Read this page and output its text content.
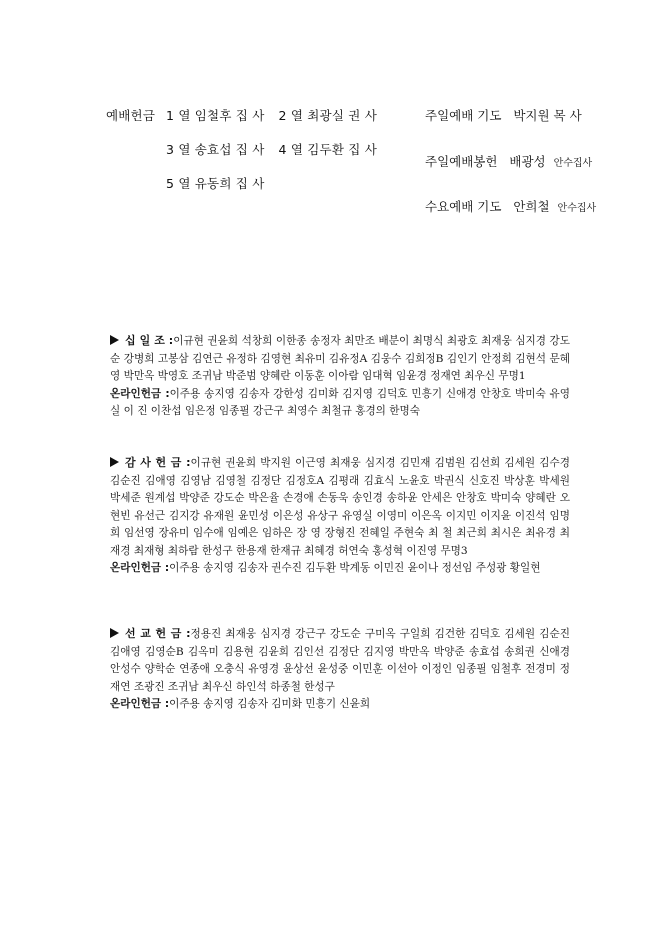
예배헌금 1 열 임철후 집 사 2 열 최광실 권 사
3 열 송효섭 집 사 4 열 김두환 집 사
5 열 유동희 집 사
주일예배 기도 박지원 목 사
주일예배봉헌 배광성 안수집사
수요예배 기도 안희철 안수집사
십 일 조 :이규현 권윤희 석창희 이한종 송정자 최만조 배분이 최명식 최광호 최재웅 심지경 강도순 강병희 고봉삼 김연근 유정하 김영현 최유미 김유정A 김웅수 김희정B 김인기 안정희 김현석 문혜영 박만옥 박영호 조귀남 박준범 양혜란 이동훈 이아람 임대혁 임윤경 정재연 최우신 무명1
온라인헌금 :이주용 송지영 김송자 강한성 김미화 김지영 김덕호 민흥기 신애경 안창호 박미숙 유영실 이 진 이찬섭 임은정 임종필 강근구 최영수 최철규 홍경의 한명숙
감 사 헌 금 :이규현 권윤희 박지원 이근영 최재웅 심지경 김민재 김범원 김선희 김세원 김수경 김순진 김애영 김영남 김영철 김정단 김정호A 김평래 김효식 노윤호 박권식 신호진 박상훈 박세원 박세준 원계섭 박양준 강도순 박은율 손경애 손동욱 송인경 송하윤 안세은 안창호 박미숙 양혜란 오현빈 유선근 김지강 유재원 윤민성 이은성 유상구 유영실 이영미 이은옥 이지민 이지윤 이진석 임명희 임선영 장유미 임수애 임예은 임하은 장 영 장형진 전혜일 주현숙 최 철 최근희 최시은 최유경 최재경 최재형 최하람 한성구 한용재 한재규 최혜경 허연숙 홍성혁 이진영 무명3
온라인헌금 :이주용 송지영 김송자 권수진 김두환 박계동 이민진 윤이나 정선임 주성광 황일현
선 교 헌 금 :정용진 최재웅 심지경 강근구 강도순 구미옥 구일희 김건한 김덕호 김세원 김순진 김애영 김영순B 김옥미 김용현 김윤희 김인선 김정단 김지영 박만옥 박양준 송효섭 송희권 신애경 안성수 양학순 연종애 오충식 유영경 윤상선 윤성중 이민훈 이선아 이정인 임종필 임철후 전경미 정재연 조광진 조귀남 최우신 하인석 하종철 한성구
온라인헌금 :이주용 송지영 김송자 김미화 민흥기 신윤희
